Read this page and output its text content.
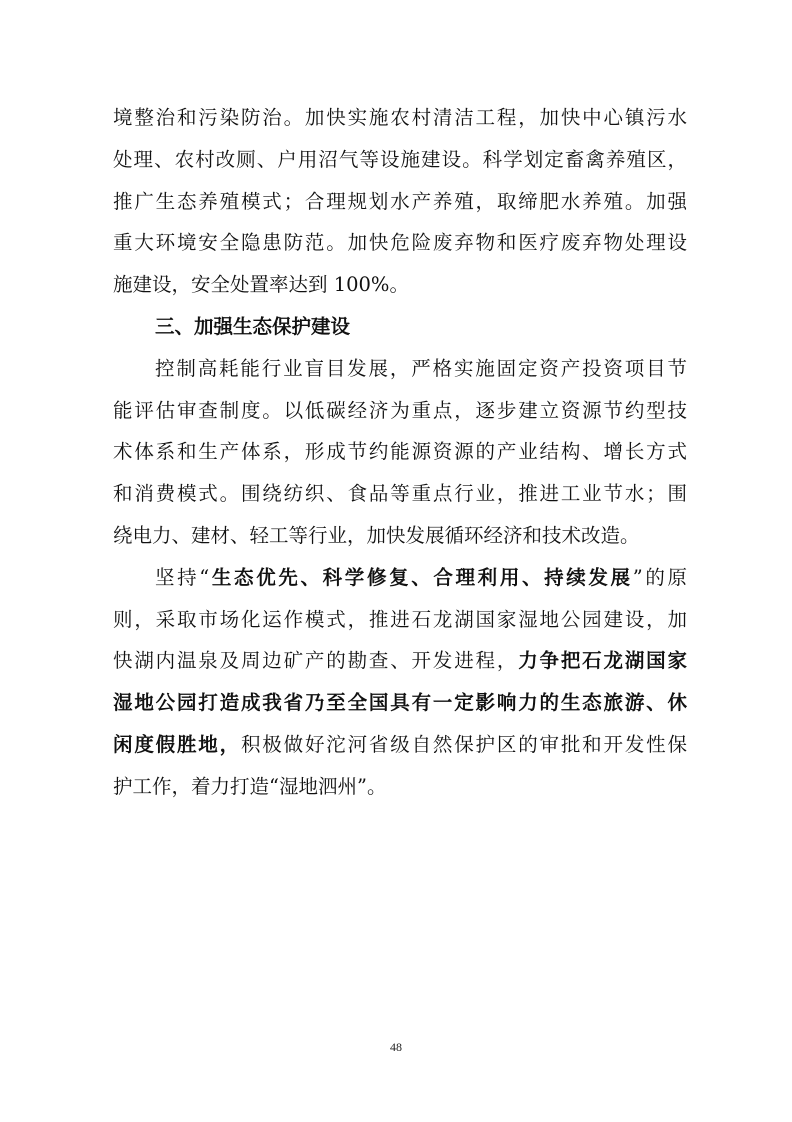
境整治和污染防治。加快实施农村清洁工程，加快中心镇污水
处理、农村改厕、户用沼气等设施建设。科学划定畜禽养殖区，
推广生态养殖模式；合理规划水产养殖，取缔肥水养殖。加强
重大环境安全隐患防范。加快危险废弃物和医疗废弃物处理设
施建设，安全处置率达到 100%。
三、加强生态保护建设
控制高耗能行业盲目发展，严格实施固定资产投资项目节
能评估审查制度。以低碳经济为重点，逐步建立资源节约型技
术体系和生产体系，形成节约能源资源的产业结构、增长方式
和消费模式。围绕纺织、食品等重点行业，推进工业节水；围
绕电力、建材、轻工等行业，加快发展循环经济和技术改造。
坚持“生态优先、科学修复、合理利用、持续发展”的原
则，采取市场化运作模式，推进石龙湖国家湿地公园建设，加
快湖内温泉及周边矿产的勘查、开发进程，力争把石龙湖国家
湿地公园打造成我省乃至全国具有一定影响力的生态旅游、休
闲度假胜地，积极做好沱河省级自然保护区的审批和开发性保
护工作，着力打造“湿地泗州”。
48
